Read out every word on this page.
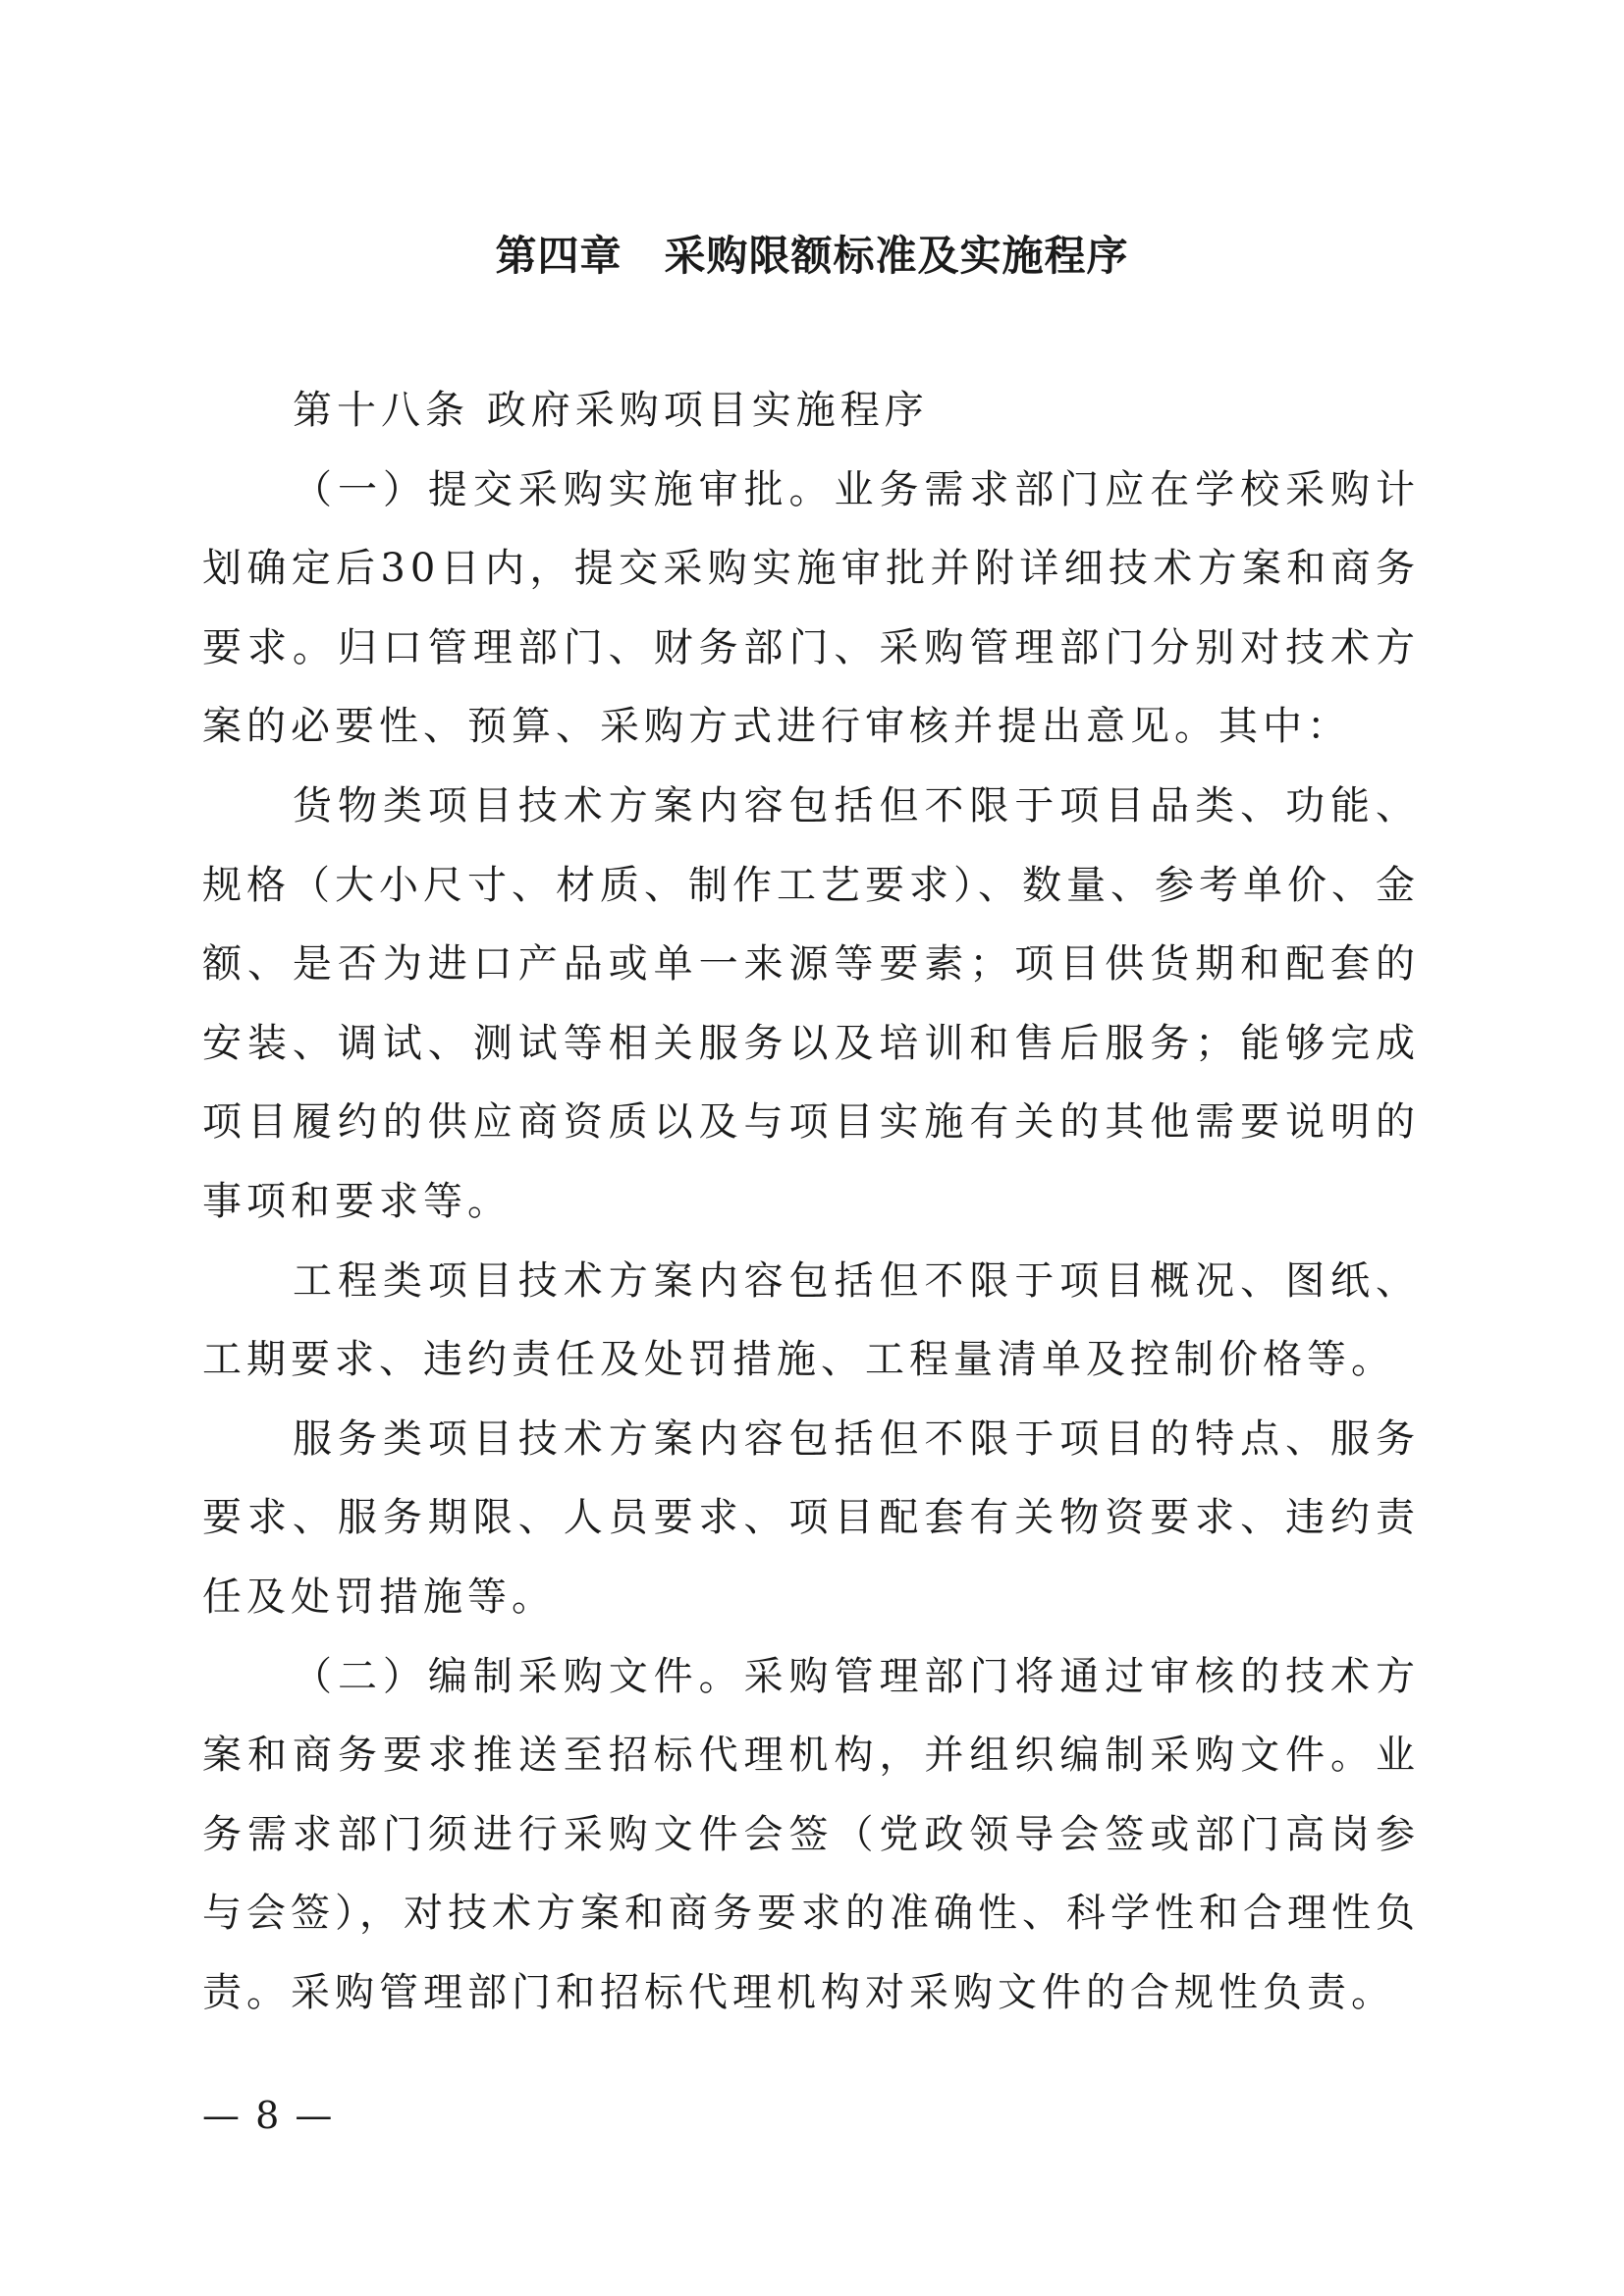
第四章　采购限额标准及实施程序

第十八条 政府采购项目实施程序

（一）提交采购实施审批。业务需求部门应在学校采购计划确定后30日内，提交采购实施审批并附详细技术方案和商务要求。归口管理部门、财务部门、采购管理部门分别对技术方案的必要性、预算、采购方式进行审核并提出意见。其中：

货物类项目技术方案内容包括但不限于项目品类、功能、规格（大小尺寸、材质、制作工艺要求）、数量、参考单价、金额、是否为进口产品或单一来源等要素；项目供货期和配套的安装、调试、测试等相关服务以及培训和售后服务；能够完成项目履约的供应商资质以及与项目实施有关的其他需要说明的事项和要求等。

工程类项目技术方案内容包括但不限于项目概况、图纸、工期要求、违约责任及处罚措施、工程量清单及控制价格等。

服务类项目技术方案内容包括但不限于项目的特点、服务要求、服务期限、人员要求、项目配套有关物资要求、违约责任及处罚措施等。

（二）编制采购文件。采购管理部门将通过审核的技术方案和商务要求推送至招标代理机构，并组织编制采购文件。业务需求部门须进行采购文件会签（党政领导会签或部门高岗参与会签），对技术方案和商务要求的准确性、科学性和合理性负责。采购管理部门和招标代理机构对采购文件的合规性负责。

— 8 —
